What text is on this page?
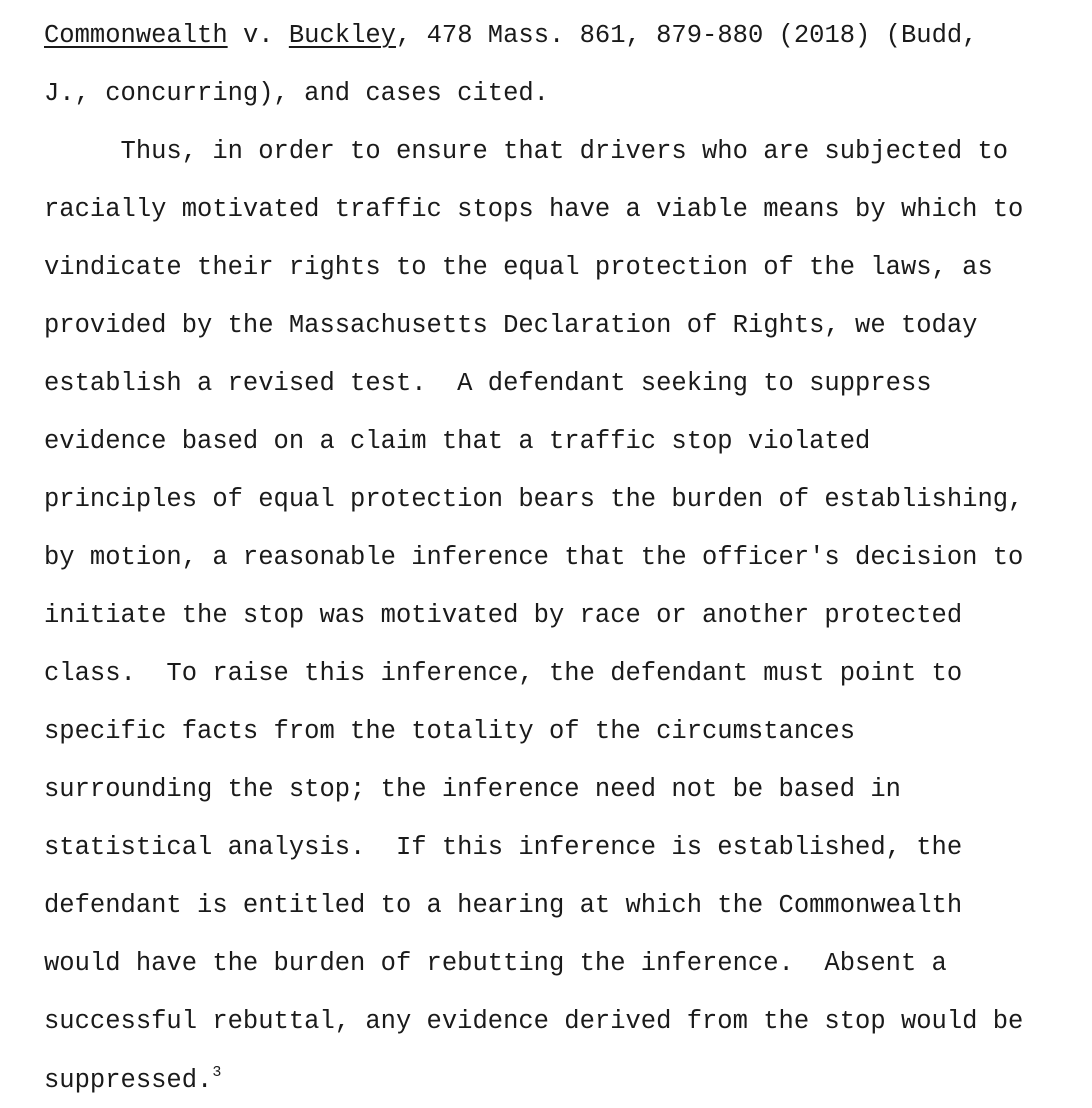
Commonwealth v. Buckley, 478 Mass. 861, 879-880 (2018) (Budd,
J., concurring), and cases cited.
Thus, in order to ensure that drivers who are subjected to
racially motivated traffic stops have a viable means by which to
vindicate their rights to the equal protection of the laws, as
provided by the Massachusetts Declaration of Rights, we today
establish a revised test.  A defendant seeking to suppress
evidence based on a claim that a traffic stop violated
principles of equal protection bears the burden of establishing,
by motion, a reasonable inference that the officer's decision to
initiate the stop was motivated by race or another protected
class.  To raise this inference, the defendant must point to
specific facts from the totality of the circumstances
surrounding the stop; the inference need not be based in
statistical analysis.  If this inference is established, the
defendant is entitled to a hearing at which the Commonwealth
would have the burden of rebutting the inference.  Absent a
successful rebuttal, any evidence derived from the stop would be
suppressed.$^3$
